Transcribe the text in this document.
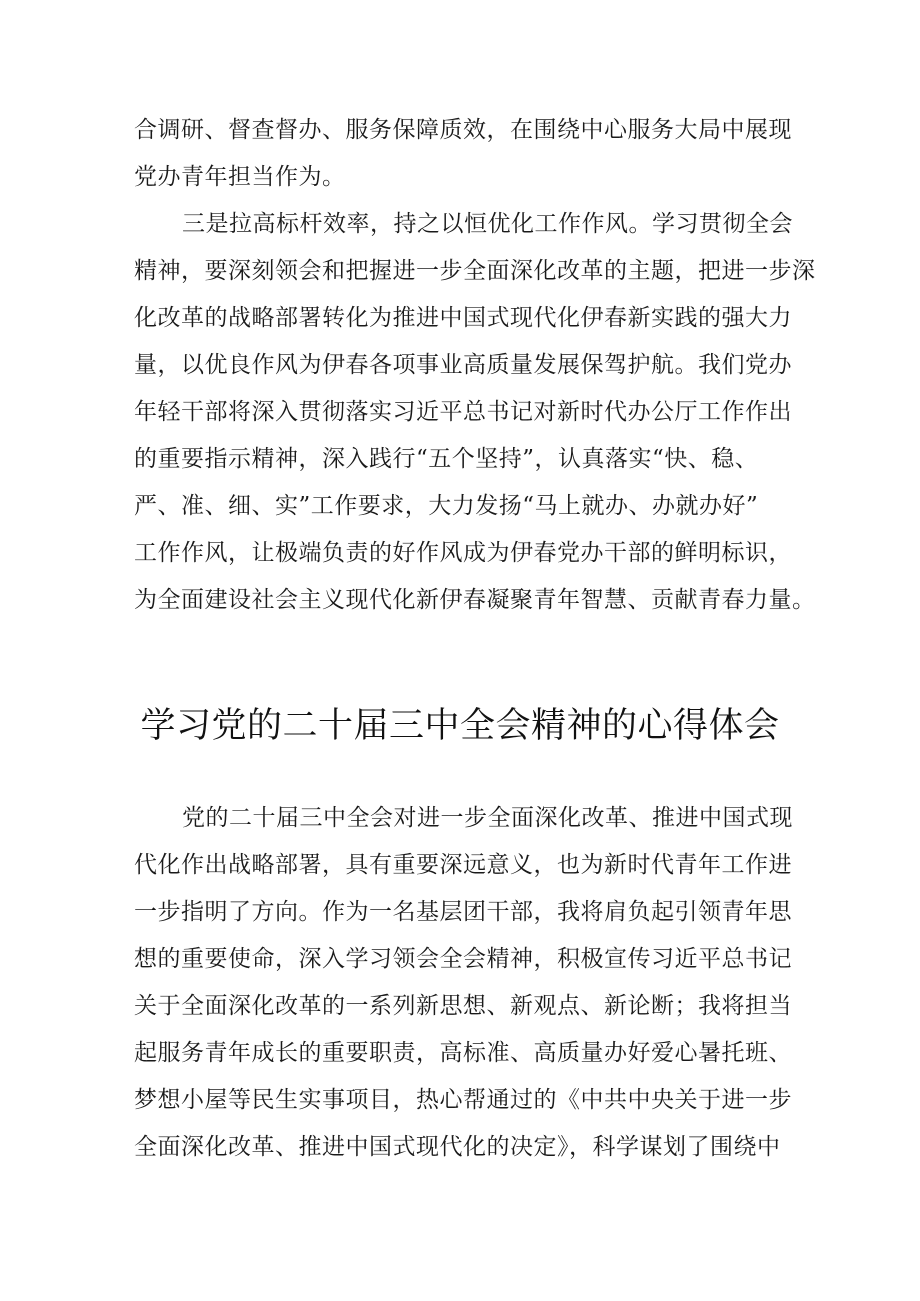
合调研、督查督办、服务保障质效，在围绕中心服务大局中展现
党办青年担当作为。

三是拉高标杆效率，持之以恒优化工作作风。学习贯彻全会
精神，要深刻领会和把握进一步全面深化改革的主题，把进一步深
化改革的战略部署转化为推进中国式现代化伊春新实践的强大力
量，以优良作风为伊春各项事业高质量发展保驾护航。我们党办
年轻干部将深入贯彻落实习近平总书记对新时代办公厅工作作出
的重要指示精神，深入践行“五个坚持”，认真落实“快、稳、
严、准、细、实”工作要求，大力发扬“马上就办、办就办好”
工作作风，让极端负责的好作风成为伊春党办干部的鲜明标识，
为全面建设社会主义现代化新伊春凝聚青年智慧、贡献青春力量。

学习党的二十届三中全会精神的心得体会

党的二十届三中全会对进一步全面深化改革、推进中国式现
代化作出战略部署，具有重要深远意义，也为新时代青年工作进
一步指明了方向。作为一名基层团干部，我将肩负起引领青年思
想的重要使命，深入学习领会全会精神，积极宣传习近平总书记
关于全面深化改革的一系列新思想、新观点、新论断；我将担当
起服务青年成长的重要职责，高标准、高质量办好爱心暑托班、
梦想小屋等民生实事项目，热心帮通过的《中共中央关于进一步
全面深化改革、推进中国式现代化的决定》，科学谋划了围绕中
